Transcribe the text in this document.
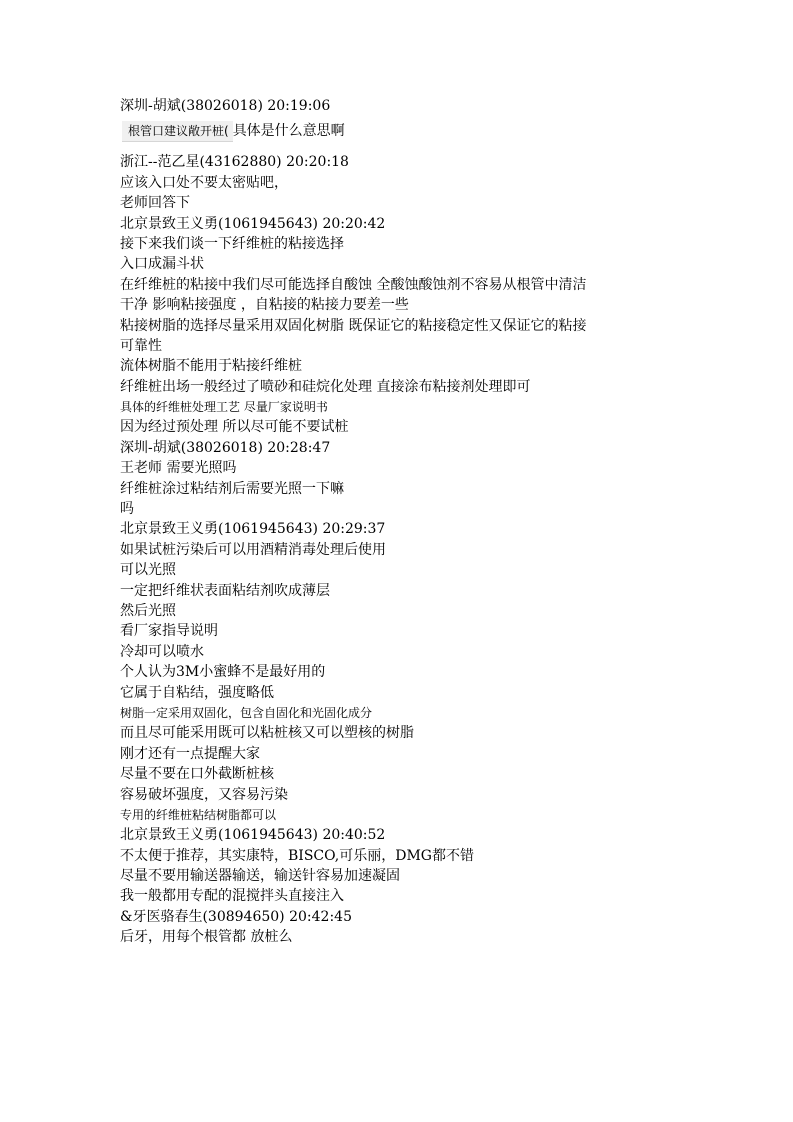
深圳-胡斌(38026018) 20:19:06
根管口建议敞开桩( 具体是什么意思啊
浙江--范乙星(43162880) 20:20:18
应该入口处不要太密贴吧，
老师回答下
北京景致王义勇(1061945643) 20:20:42
接下来我们谈一下纤维桩的粘接选择
入口成漏斗状
在纤维桩的粘接中我们尽可能选择自酸蚀 全酸蚀酸蚀剂不容易从根管中清洁
干净 影响粘接强度 ，自粘接的粘接力要差一些
粘接树脂的选择尽量采用双固化树脂 既保证它的粘接稳定性又保证它的粘接
可靠性
流体树脂不能用于粘接纤维桩
纤维桩出场一般经过了喷砂和硅烷化处理 直接涂布粘接剂处理即可
具体的纤维桩处理工艺 尽量厂家说明书
因为经过预处理 所以尽可能不要试桩
深圳-胡斌(38026018) 20:28:47
王老师 需要光照吗
纤维桩涂过粘结剂后需要光照一下嘛
吗
北京景致王义勇(1061945643) 20:29:37
如果试桩污染后可以用酒精消毒处理后使用
可以光照
一定把纤维状表面粘结剂吹成薄层
然后光照
看厂家指导说明
冷却可以喷水
个人认为3M小蜜蜂不是最好用的
它属于自粘结，强度略低
树脂一定采用双固化，包含自固化和光固化成分
而且尽可能采用既可以粘桩核又可以塑核的树脂
刚才还有一点提醒大家
尽量不要在口外截断桩核
容易破坏强度，又容易污染
专用的纤维桩粘结树脂都可以
北京景致王义勇(1061945643) 20:40:52
不太便于推荐，其实康特，BISCO,可乐丽，DMG都不错
尽量不要用输送器输送，输送针容易加速凝固
我一般都用专配的混搅拌头直接注入
&牙医骆春生(30894650) 20:42:45
后牙，用每个根管都 放桩么
